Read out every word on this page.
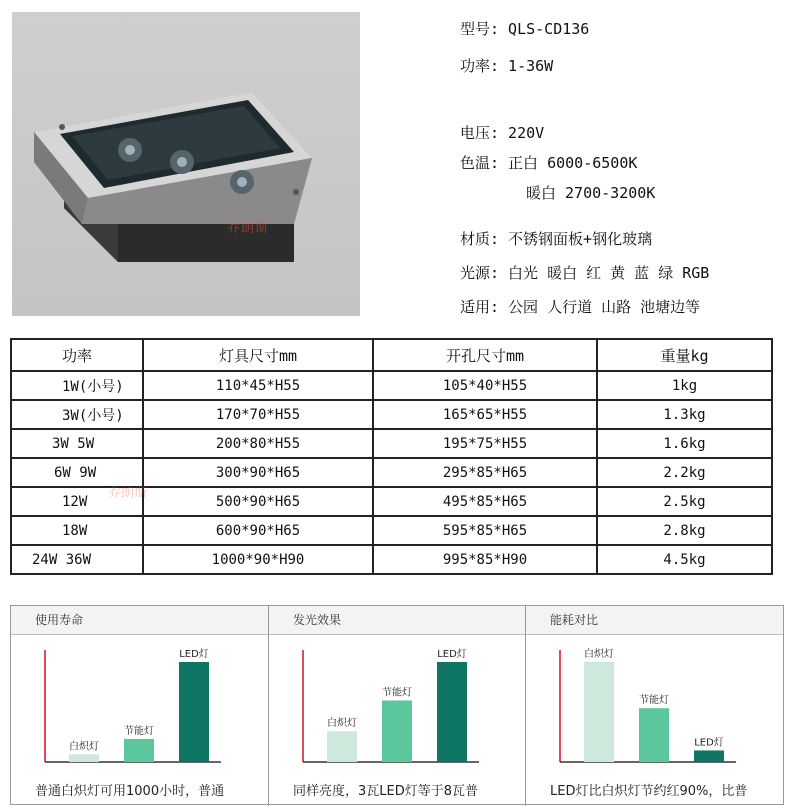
乔朗斯
型号: QLS-CD136
功率: 1-36W
电压: 220V
色温: 正白 6000-6500K
暖白 2700-3200K
材质: 不锈钢面板+钢化玻璃
光源: 白光 暖白 红 黄 蓝 绿 RGB
适用: 公园 人行道 山路 池塘边等
功率	灯具尺寸mm	开孔尺寸mm	重量kg
1W(小号)	110*45*H55	105*40*H55	1kg
3W(小号)	170*70*H55	165*65*H55	1.3kg
3W 5W	200*80*H55	195*75*H55	1.6kg
6W 9W	300*90*H65	295*85*H65	2.2kg
12W	500*90*H65	495*85*H65	2.5kg
18W	600*90*H65	595*85*H65	2.8kg
24W 36W	1000*90*H90	995*85*H90	4.5kg
乔朗斯
使用寿命
白炽灯
节能灯
LED灯
普通白炽灯可用1000小时，普通
发光效果
白炽灯
节能灯
LED灯
同样亮度，3瓦LED灯等于8瓦普
能耗对比
白炽灯
节能灯
LED灯
LED灯比白炽灯节约红90%，比普
